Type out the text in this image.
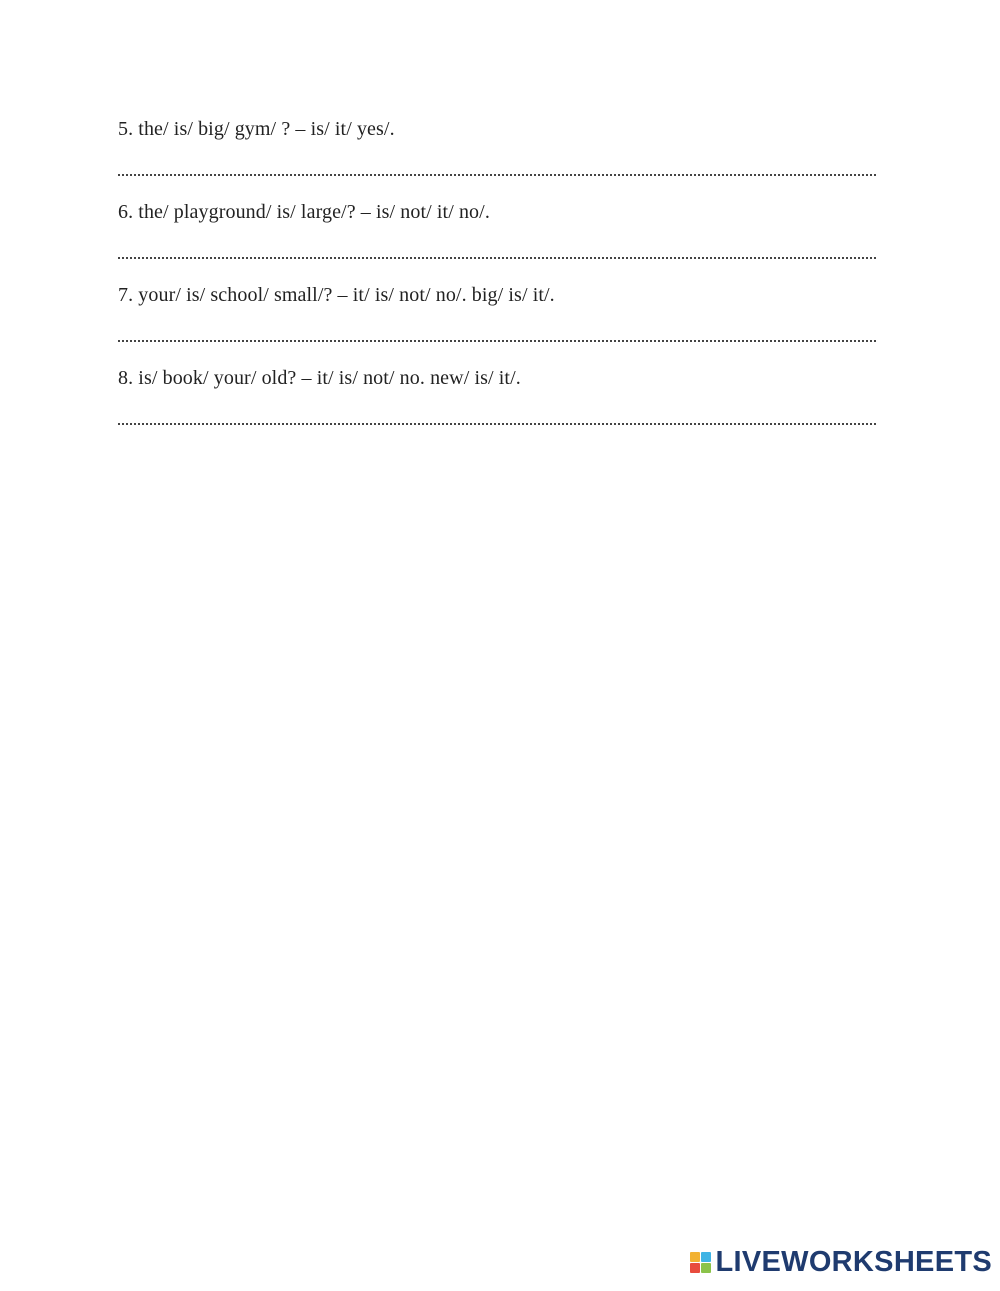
5. the/ is/ big/ gym/ ? – is/ it/ yes/.
6. the/ playground/ is/ large/? – is/ not/ it/ no/.
7. your/ is/ school/ small/? – it/ is/ not/ no/. big/ is/ it/.
8. is/ book/ your/ old? – it/ is/ not/ no. new/ is/ it/.
LIVEWORKSHEETS
